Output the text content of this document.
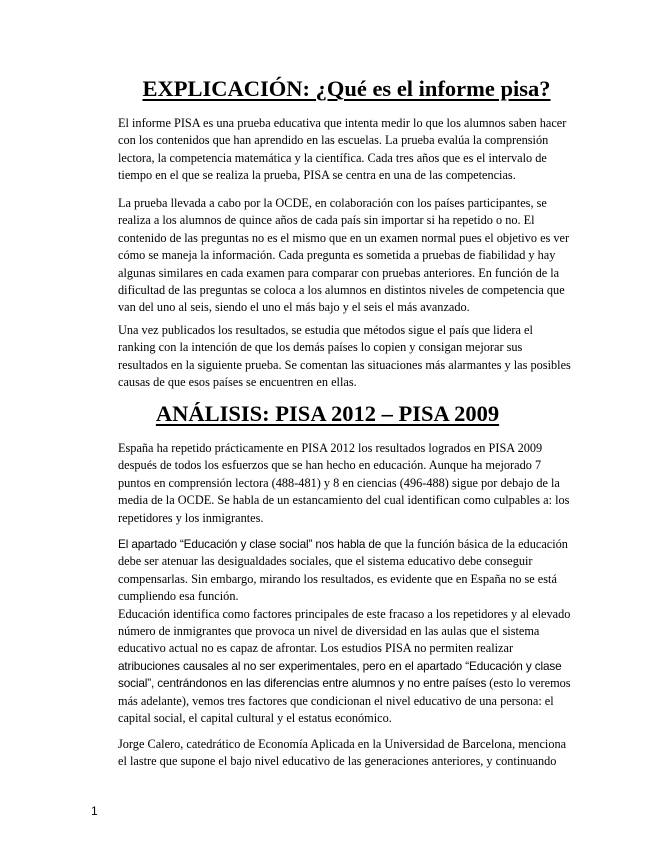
EXPLICACIÓN: ¿Qué es el informe pisa?

El informe PISA es una prueba educativa que intenta medir lo que los alumnos saben hacer
con los contenidos que han aprendido en las escuelas. La prueba evalúa la comprensión
lectora, la competencia matemática y la científica. Cada tres años que es el intervalo de
tiempo en el que se realiza la prueba, PISA se centra en una de las competencias.

La prueba llevada a cabo por la OCDE, en colaboración con los países participantes, se
realiza a los alumnos de quince años de cada país sin importar si ha repetido o no. El
contenido de las preguntas no es el mismo que en un examen normal pues el objetivo es ver
cómo se maneja la información. Cada pregunta es sometida a pruebas de fiabilidad y hay
algunas similares en cada examen para comparar con pruebas anteriores. En función de la
dificultad de las preguntas se coloca a los alumnos en distintos niveles de competencia que
van del uno al seis, siendo el uno el más bajo y el seis el más avanzado.

Una vez publicados los resultados, se estudia que métodos sigue el país que lidera el
ranking con la intención de que los demás países lo copien y consigan mejorar sus
resultados en la siguiente prueba. Se comentan las situaciones más alarmantes y las posibles
causas de que esos países se encuentren en ellas.

ANÁLISIS: PISA 2012 – PISA 2009

España ha repetido prácticamente en PISA 2012 los resultados logrados en PISA 2009
después de todos los esfuerzos que se han hecho en educación. Aunque ha mejorado 7
puntos en comprensión lectora (488-481) y 8 en ciencias (496-488) sigue por debajo de la
media de la OCDE. Se habla de un estancamiento del cual identifican como culpables a: los
repetidores y los inmigrantes.

El apartado “Educación y clase social” nos habla de que la función básica de la educación
debe ser atenuar las desigualdades sociales, que el sistema educativo debe conseguir
compensarlas. Sin embargo, mirando los resultados, es evidente que en España no se está
cumpliendo esa función.
Educación identifica como factores principales de este fracaso a los repetidores y al elevado
número de inmigrantes que provoca un nivel de diversidad en las aulas que el sistema
educativo actual no es capaz de afrontar. Los estudios PISA no permiten realizar
atribuciones causales al no ser experimentales, pero en el apartado “Educación y clase
social”, centrándonos en las diferencias entre alumnos y no entre países (esto lo veremos
más adelante), vemos tres factores que condicionan el nivel educativo de una persona: el
capital social, el capital cultural y el estatus económico.

Jorge Calero, catedrático de Economía Aplicada en la Universidad de Barcelona, menciona
el lastre que supone el bajo nivel educativo de las generaciones anteriores, y continuando

1
